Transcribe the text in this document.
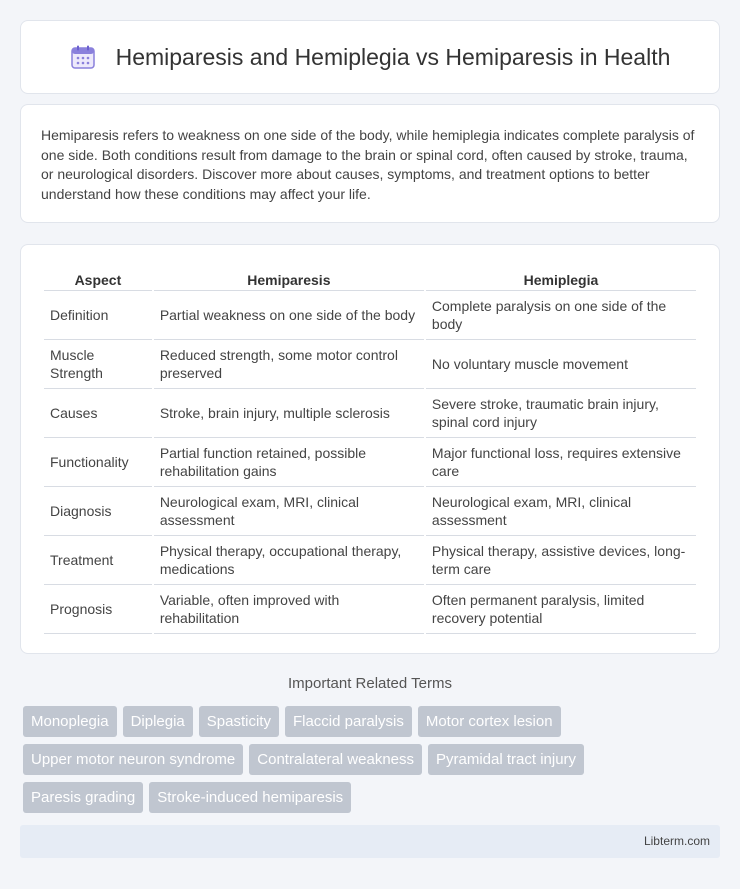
Hemiparesis and Hemiplegia vs Hemiparesis in Health

Hemiparesis refers to weakness on one side of the body, while hemiplegia indicates complete paralysis of one side. Both conditions result from damage to the brain or spinal cord, often caused by stroke, trauma, or neurological disorders. Discover more about causes, symptoms, and treatment options to better understand how these conditions may affect your life.

Aspect	Hemiparesis	Hemiplegia
Definition	Partial weakness on one side of the body	Complete paralysis on one side of the body
Muscle Strength	Reduced strength, some motor control preserved	No voluntary muscle movement
Causes	Stroke, brain injury, multiple sclerosis	Severe stroke, traumatic brain injury, spinal cord injury
Functionality	Partial function retained, possible rehabilitation gains	Major functional loss, requires extensive care
Diagnosis	Neurological exam, MRI, clinical assessment	Neurological exam, MRI, clinical assessment
Treatment	Physical therapy, occupational therapy, medications	Physical therapy, assistive devices, long-term care
Prognosis	Variable, often improved with rehabilitation	Often permanent paralysis, limited recovery potential
Important Related Terms
Monoplegia	Diplegia	Spasticity	Flaccid paralysis	Motor cortex lesion
Upper motor neuron syndrome	Contralateral weakness	Pyramidal tract injury
Paresis grading	Stroke-induced hemiparesis
Libterm.com
